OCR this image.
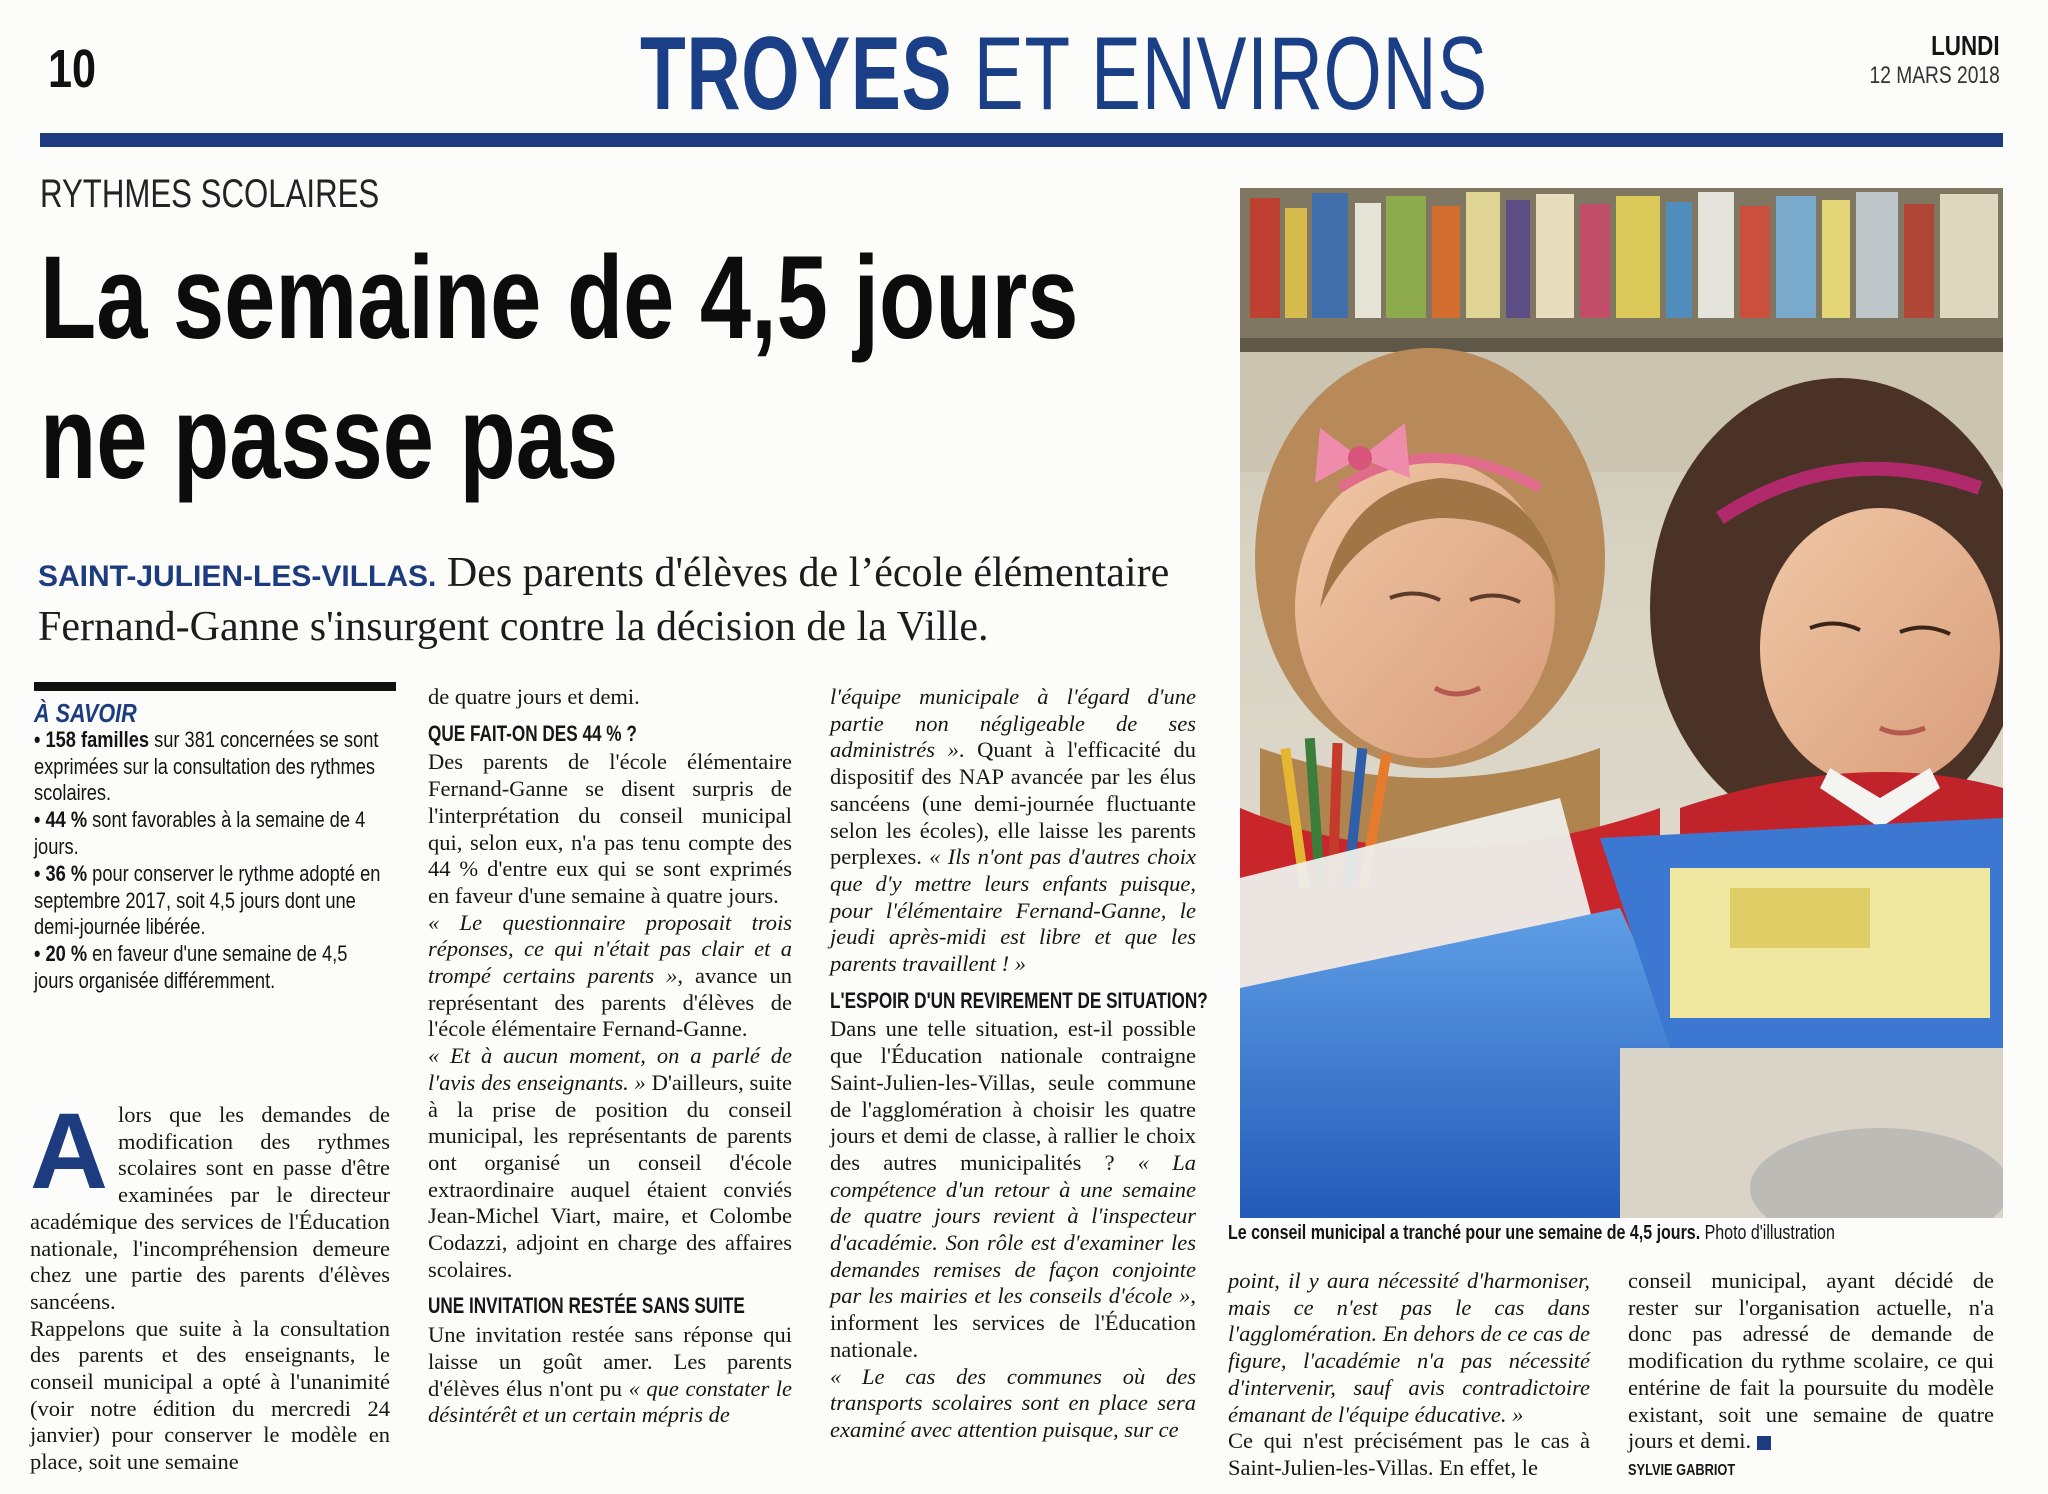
10	TROYES ET ENVIRONS	LUNDI
12 MARS 2018
RYTHMES SCOLAIRES
La semaine de 4,5 jours
ne passe pas
SAINT-JULIEN-LES-VILLAS. Des parents d'élèves de l’école élémentaire Fernand-Ganne s'insurgent contre la décision de la Ville.
Le conseil municipal a tranché pour une semaine de 4,5 jours. Photo d'illustration
À SAVOIR

• 158 familles sur 381 concernées se sont exprimées sur la consultation des rythmes scolaires.

• 44 % sont favorables à la semaine de 4 jours.

• 36 % pour conserver le rythme adopté en septembre 2017, soit 4,5 jours dont une demi-journée libérée.

• 20 % en faveur d'une semaine de 4,5 jours organisée différemment.

Alors que les demandes de modification des rythmes scolaires sont en passe d'être examinées par le directeur académique des services de l'Éducation nationale, l'incompréhension demeure chez une partie des parents d'élèves sancéens.

Rappelons que suite à la consultation des parents et des enseignants, le conseil municipal a opté à l'unanimité (voir notre édition du mercredi 24 janvier) pour conserver le modèle en place, soit une semaine

de quatre jours et demi.

QUE FAIT-ON DES 44 % ?

Des parents de l'école élémentaire Fernand-Ganne se disent surpris de l'interprétation du conseil municipal qui, selon eux, n'a pas tenu compte des 44 % d'entre eux qui se sont exprimés en faveur d'une semaine à quatre jours.

« Le questionnaire proposait trois réponses, ce qui n'était pas clair et a trompé certains parents », avance un représentant des parents d'élèves de l'école élémentaire Fernand-Ganne.

« Et à aucun moment, on a parlé de l'avis des enseignants. » D'ailleurs, suite à la prise de position du conseil municipal, les représentants de parents ont organisé un conseil d'école extraordinaire auquel étaient conviés Jean-Michel Viart, maire, et Colombe Codazzi, adjoint en charge des affaires scolaires.

UNE INVITATION RESTÉE SANS SUITE

Une invitation restée sans réponse qui laisse un goût amer. Les parents d'élèves élus n'ont pu « que constater le désintérêt et un certain mépris de

l'équipe municipale à l'égard d'une partie non négligeable de ses administrés ». Quant à l'efficacité du dispositif des NAP avancée par les élus sancéens (une demi-journée fluctuante selon les écoles), elle laisse les parents perplexes. « Ils n'ont pas d'autres choix que d'y mettre leurs enfants puisque, pour l'élémentaire Fernand-Ganne, le jeudi après-midi est libre et que les parents travaillent ! »

L'ESPOIR D'UN REVIREMENT DE SITUATION?

Dans une telle situation, est-il possible que l'Éducation nationale contraigne Saint-Julien-les-Villas, seule commune de l'agglomération à choisir les quatre jours et demi de classe, à rallier le choix des autres municipalités ? « La compétence d'un retour à une semaine de quatre jours revient à l'inspecteur d'académie. Son rôle est d'examiner les demandes remises de façon conjointe par les mairies et les conseils d'école », informent les services de l'Éducation nationale.

« Le cas des communes où des transports scolaires sont en place sera examiné avec attention puisque, sur ce

point, il y aura nécessité d'harmoniser, mais ce n'est pas le cas dans l'agglomération. En dehors de ce cas de figure, l'académie n'a pas nécessité d'intervenir, sauf avis contradictoire émanant de l'équipe éducative. »

Ce qui n'est précisément pas le cas à Saint-Julien-les-Villas. En effet, le

conseil municipal, ayant décidé de rester sur l'organisation actuelle, n'a donc pas adressé de demande de modification du rythme scolaire, ce qui entérine de fait la poursuite du modèle existant, soit une semaine de quatre jours et demi.

SYLVIE GABRIOT
